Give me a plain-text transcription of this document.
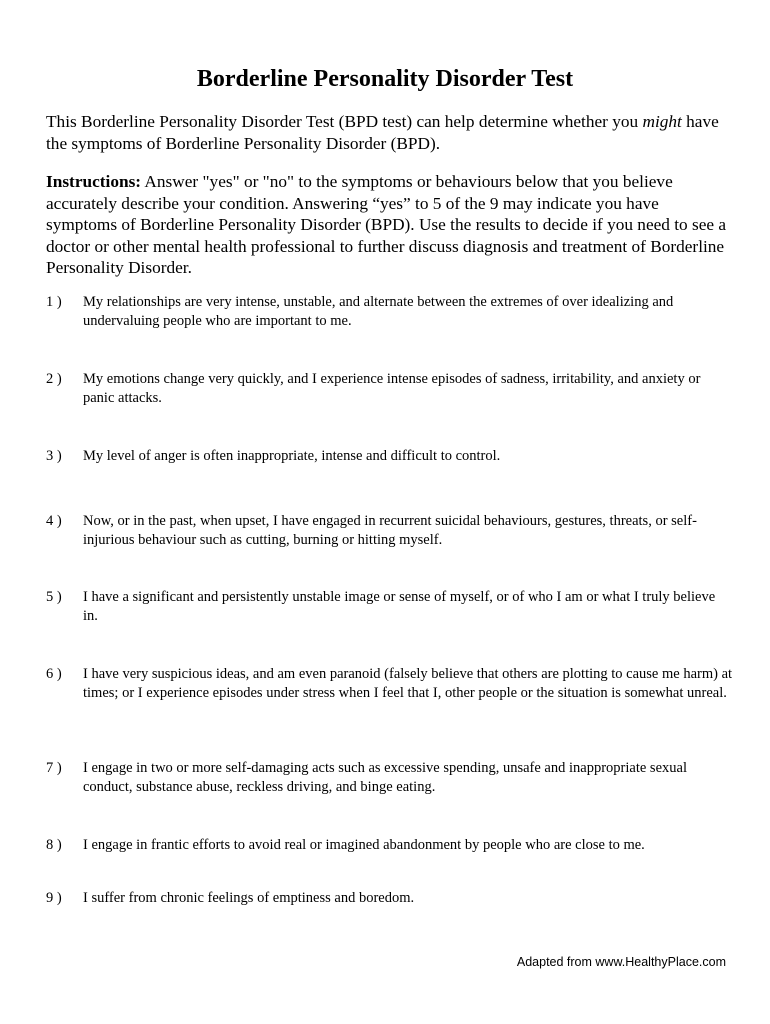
Borderline Personality Disorder Test
This Borderline Personality Disorder Test (BPD test) can help determine whether you might have the symptoms of Borderline Personality Disorder (BPD).
Instructions: Answer "yes" or "no" to the symptoms or behaviours below that you believe accurately describe your condition. Answering “yes” to 5 of the 9 may indicate you have symptoms of Borderline Personality Disorder (BPD). Use the results to decide if you need to see a doctor or other mental health professional to further discuss diagnosis and treatment of Borderline Personality Disorder.
1 )	My relationships are very intense, unstable, and alternate between the extremes of over idealizing and undervaluing people who are important to me.
2 )	My emotions change very quickly, and I experience intense episodes of sadness, irritability, and anxiety or panic attacks.
3 )	My level of anger is often inappropriate, intense and difficult to control.
4 )	Now, or in the past, when upset, I have engaged in recurrent suicidal behaviours, gestures, threats, or self-injurious behaviour such as cutting, burning or hitting myself.
5 )	I have a significant and persistently unstable image or sense of myself, or of who I am or what I truly believe in.
6 )	I have very suspicious ideas, and am even paranoid (falsely believe that others are plotting to cause me harm) at times; or I experience episodes under stress when I feel that I, other people or the situation is somewhat unreal.
7 )	I engage in two or more self-damaging acts such as excessive spending, unsafe and inappropriate sexual conduct, substance abuse, reckless driving, and binge eating.
8 )	I engage in frantic efforts to avoid real or imagined abandonment by people who are close to me.
9 )	I suffer from chronic feelings of emptiness and boredom.
Adapted from www.HealthyPlace.com
